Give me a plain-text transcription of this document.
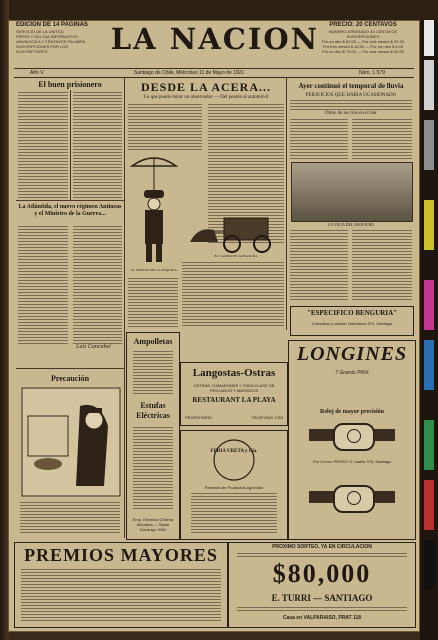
EDICION DE 14 PAGINAS
SERVICIO DE LA UNITED
PRESS Y DEL DIA INFORMATIVO
ANUNCIOS A 2 CENTAVOS PALABRA
SUSCRIPCIONES POR LOS
SUSCRIPTORES	LA NACION	PRECIO: 20 CENTAVOS
NUMERO ATRASADO 40 CENTAVOS
SUSCRIPCIONES
Por un año $ 60.00 — Por seis meses $ 32.00
Por tres meses $ 16.00 — Por un mes $ 6.00
Por un año $ 75.00 — Por seis meses $ 40.00
Año V	Santiago de Chile, Miércoles 11 de Mayo de 1921	Núm. 1.579
El buen prisionero
La Atlántida, el nuevo régimen Antineas y el Ministro de la Guerra...
Luis Cancabel
Precaución
DESDE LA ACERA...
Lo que puede mirar un observador — Del peatón al automóvil
EL SERENO DE LA ESQUINA
EL CARRO DE LA BASURA
Ayer continuó el temporal de lluvia
PERJUICIOS QUE HABIA OCASIONADO
Otros de los ríos en el Sur
LA VEGA DEL MAPOCHO
"ESPECIFICO BENGURIA"
Consultas y ventas: Huérfanos 879, Santiago
Ampolletas
Estufas Eléctricas
Emp. Eléctrica Chilena Alemana — Santo Domingo 1060
Langostas-Ostras
OSTRAS, CAMARONES Y TODA CLASE DE PESCADOS Y MARISCOS
RESTAURANT LA PLAYA
PROPIETARIO	TELEFONO 1769
FERIA URETA y Cía.
Remates de Productos Agrícolas
LONGINES
7 Grands PRIX
Reloj de mayor precisión
Por Correo PEDRO O Casilla 376, Santiago
PREMIOS MAYORES	PROXIMO SORTEO, YA EN CIRCULACION
$80,000
E. TURRI — SANTIAGO
Casa en VALPARAISO, PRAT 118
